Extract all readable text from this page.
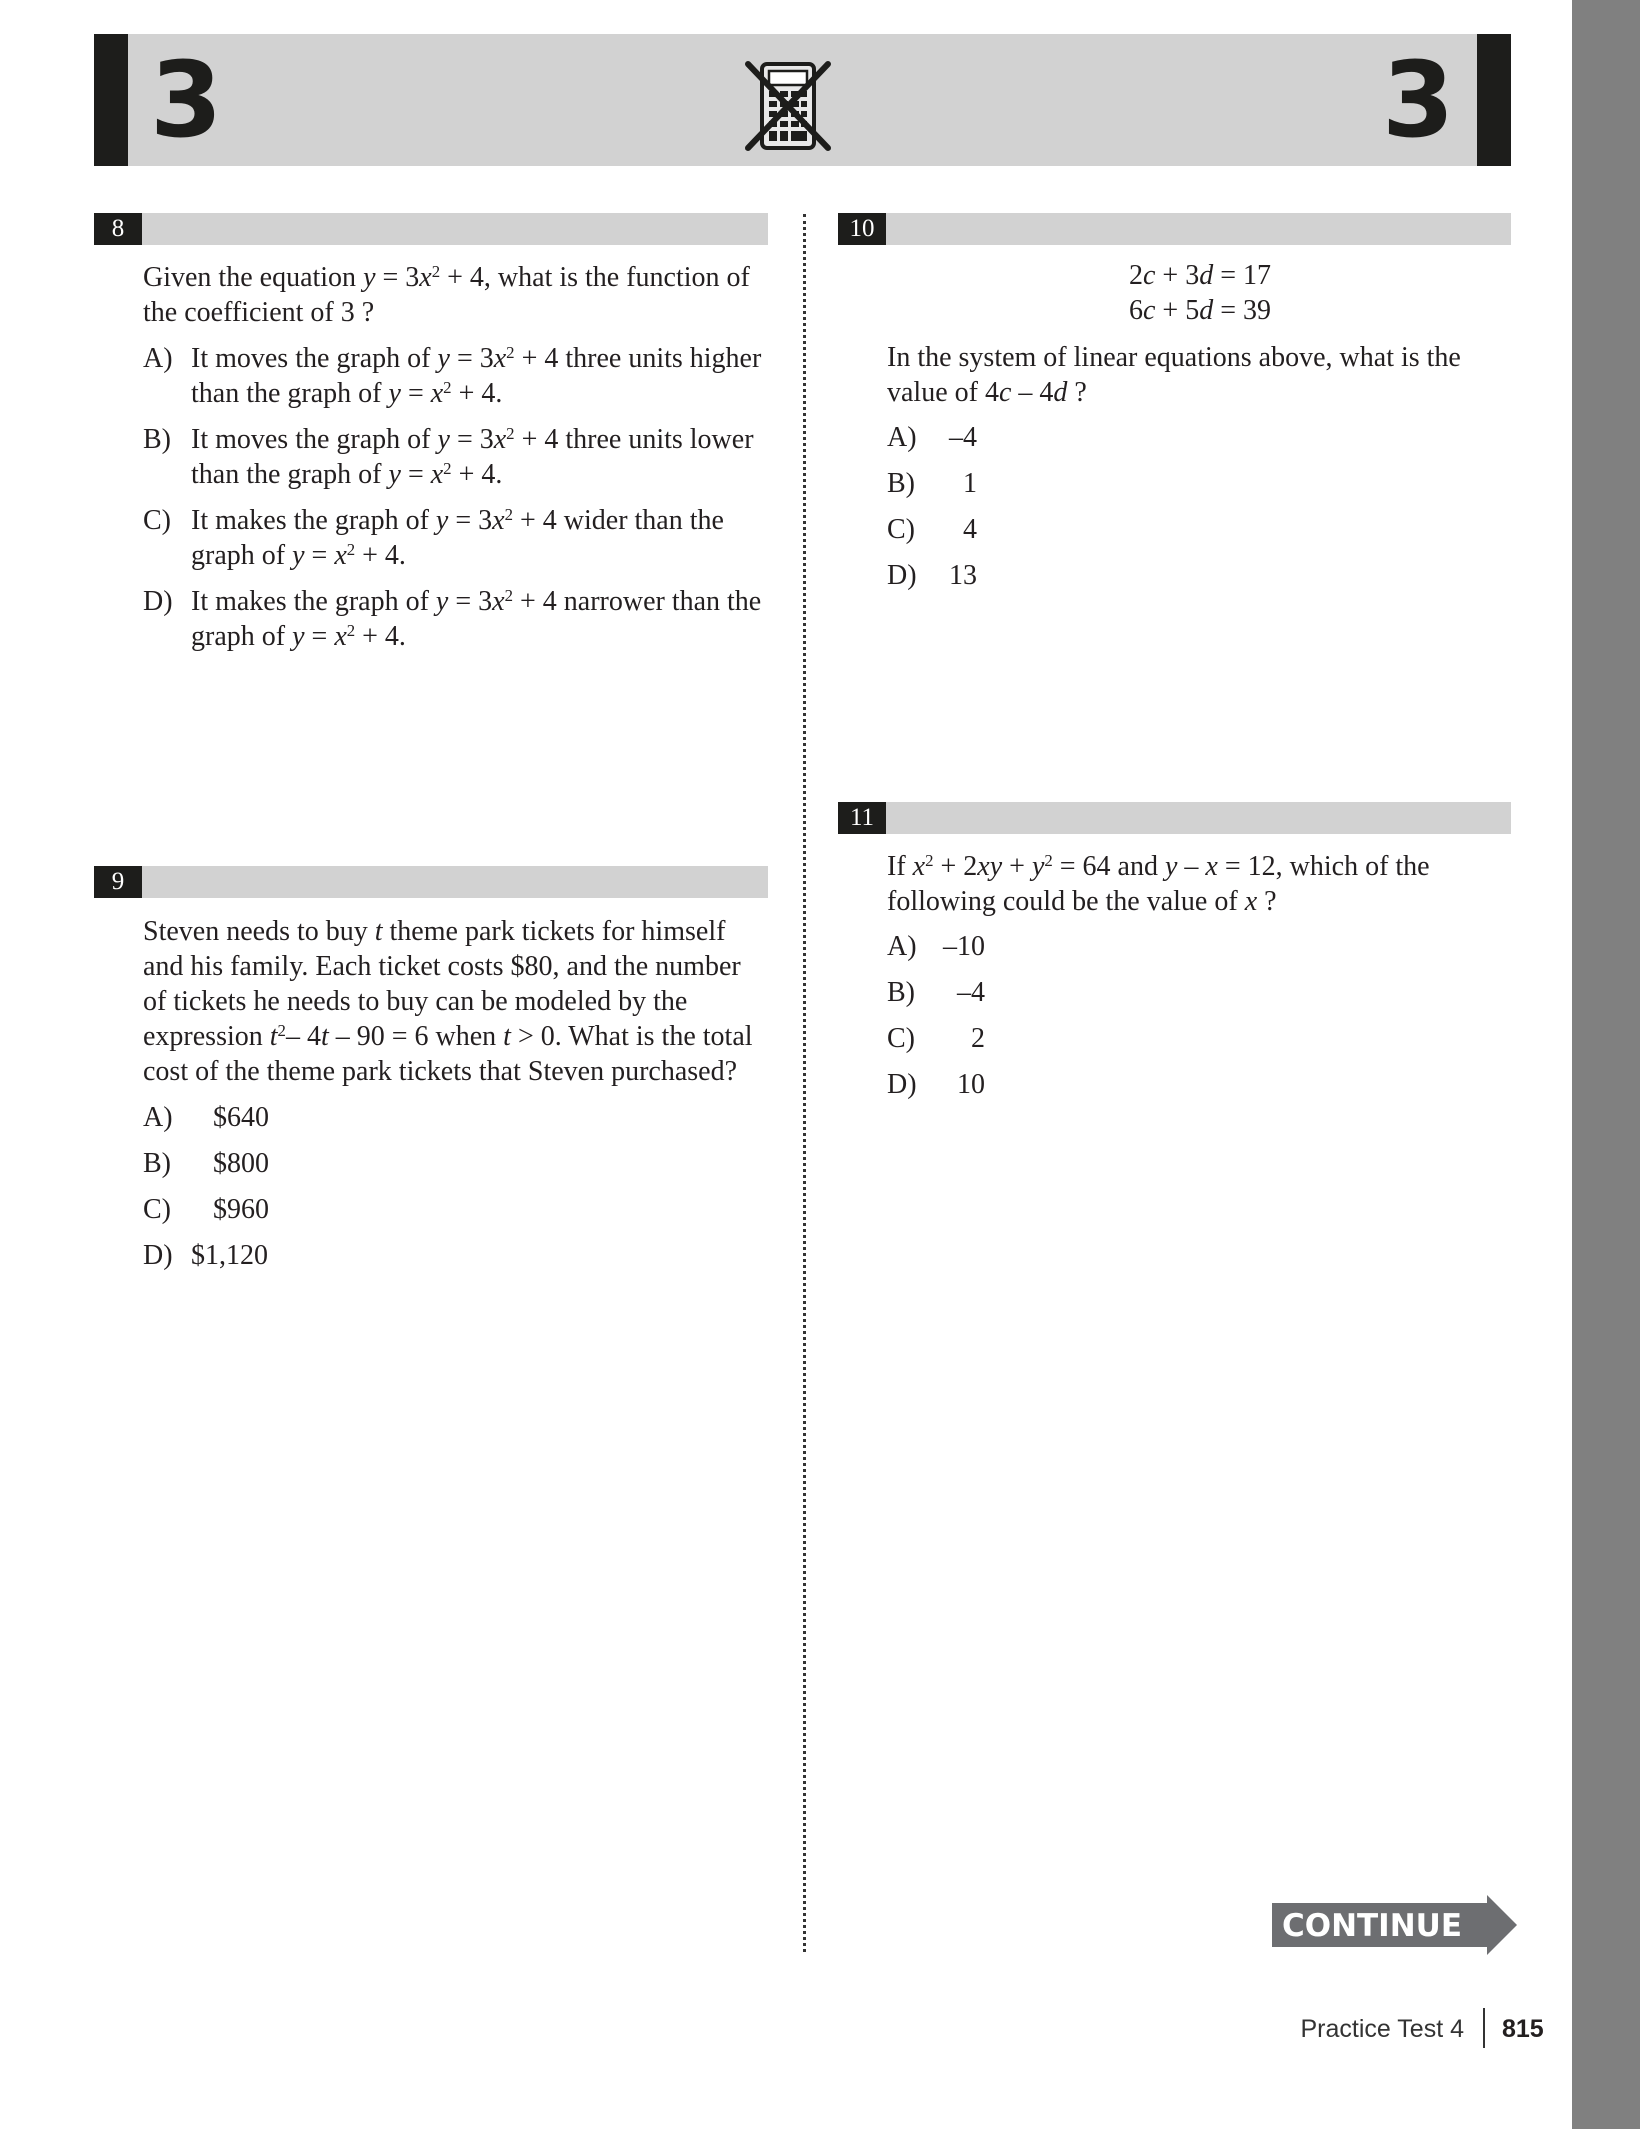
3	3
8

Given the equation $y = 3x^2 + 4$, what is the function of the coefficient of 3 ?

A) It moves the graph of $y = 3x^2 + 4$ three units higher than the graph of $y = x^2 + 4$.
B) It moves the graph of $y = 3x^2 + 4$ three units lower than the graph of $y = x^2 + 4$.
C) It makes the graph of $y = 3x^2 + 4$ wider than the graph of $y = x^2 + 4$.
D) It makes the graph of $y = 3x^2 + 4$ narrower than the graph of $y = x^2 + 4$.
9

Steven needs to buy t theme park tickets for himself and his family. Each ticket costs $80, and the number of tickets he needs to buy can be modeled by the expression $t^2-$ 4t – 90 = 6 when t > 0. What is the total cost of the theme park tickets that Steven purchased?

A) $640
B) $800
C) $960
D) $1,120
10
2c + 3d = 17
6c + 5d = 39

In the system of linear equations above, what is the value of 4c – 4d ?

A)	–4
B)	1
C)	4
D)	13
11

If $x^2 + 2xy + y^2 = 64$ and y – x = 12, which of the following could be the value of x ?

A) –10
B)	–4
C)	2
D)	10
CONTINUE
Practice Test 4 815
